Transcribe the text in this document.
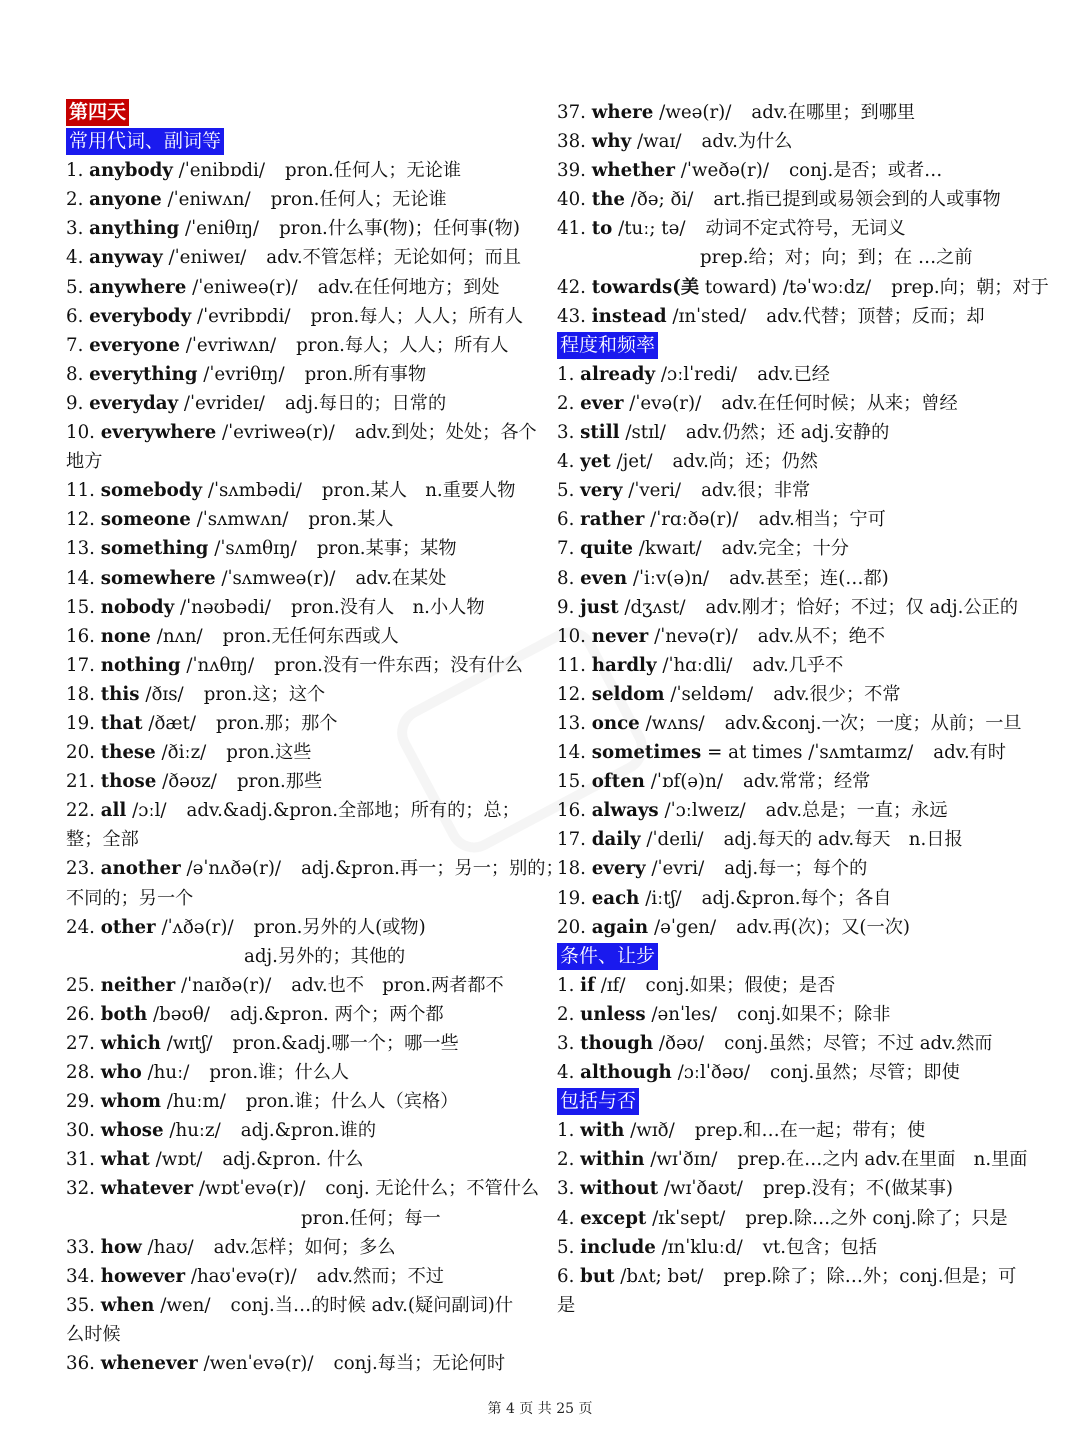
第四天
常用代词、副词等
1. anybody /ˈenibɒdi/ pron.任何人；无论谁
2. anyone /ˈeniwʌn/ pron.任何人；无论谁
3. anything /ˈeniθɪŋ/ pron.什么事(物)；任何事(物)
4. anyway /ˈeniweɪ/ adv.不管怎样；无论如何；而且
5. anywhere /ˈeniweə(r)/ adv.在任何地方；到处
6. everybody /ˈevribɒdi/ pron.每人；人人；所有人
7. everyone /ˈevriwʌn/ pron.每人；人人；所有人
8. everything /ˈevriθɪŋ/ pron.所有事物
9. everyday /ˈevrideɪ/ adj.每日的；日常的
10. everywhere /ˈevriweə(r)/ adv.到处；处处；各个
地方
11. somebody /ˈsʌmbədi/ pron.某人　n.重要人物
12. someone /ˈsʌmwʌn/ pron.某人
13. something /ˈsʌmθɪŋ/ pron.某事；某物
14. somewhere /ˈsʌmweə(r)/ adv.在某处
15. nobody /ˈnəʊbədi/ pron.没有人　n.小人物
16. none /nʌn/ pron.无任何东西或人
17. nothing /ˈnʌθɪŋ/ pron.没有一件东西；没有什么
18. this /ðɪs/ pron.这；这个
19. that /ðæt/ pron.那；那个
20. these /ðiːz/ pron.这些
21. those /ðəʊz/ pron.那些
22. all /ɔːl/ adv.&adj.&pron.全部地；所有的；总；
整；全部
23. another /əˈnʌðə(r)/ adj.&pron.再一；另一；别的；
不同的；另一个
24. other /ˈʌðə(r)/ pron.另外的人(或物)
adj.另外的；其他的
25. neither /ˈnaɪðə(r)/ adv.也不　pron.两者都不
26. both /bəʊθ/ adj.&pron. 两个；两个都
27. which /wɪtʃ/ pron.&adj.哪一个；哪一些
28. who /huː/ pron.谁；什么人
29. whom /huːm/ pron.谁；什么人（宾格）
30. whose /huːz/ adj.&pron.谁的
31. what /wɒt/ adj.&pron. 什么
32. whatever /wɒtˈevə(r)/ conj. 无论什么；不管什么
pron.任何；每一
33. how /haʊ/ adv.怎样；如何；多么
34. however /haʊˈevə(r)/ adv.然而；不过
35. when /wen/ conj.当…的时候 adv.(疑问副词)什
么时候
36. whenever /wenˈevə(r)/ conj.每当；无论何时
37. where /weə(r)/ adv.在哪里；到哪里
38. why /waɪ/ adv.为什么
39. whether /ˈweðə(r)/ conj.是否；或者…
40. the /ðə; ði/ art.指已提到或易领会到的人或事物
41. to /tuː; tə/ 动词不定式符号，无词义
prep.给；对；向；到；在 …之前
42. towards(美 toward) /təˈwɔːdz/ prep.向；朝；对于
43. instead /ɪnˈsted/ adv.代替；顶替；反而；却
程度和频率
1. already /ɔːlˈredi/ adv.已经
2. ever /ˈevə(r)/ adv.在任何时候；从来；曾经
3. still /stɪl/ adv.仍然；还 adj.安静的
4. yet /jet/ adv.尚；还；仍然
5. very /ˈveri/ adv.很；非常
6. rather /ˈrɑːðə(r)/ adv.相当；宁可
7. quite /kwaɪt/ adv.完全；十分
8. even /ˈiːv(ə)n/ adv.甚至；连(…都)
9. just /dʒʌst/ adv.刚才；恰好；不过；仅 adj.公正的
10. never /ˈnevə(r)/ adv.从不；绝不
11. hardly /ˈhɑːdli/ adv.几乎不
12. seldom /ˈseldəm/ adv.很少；不常
13. once /wʌns/ adv.&conj.一次；一度；从前；一旦
14. sometimes = at times /ˈsʌmtaɪmz/ adv.有时
15. often /ˈɒf(ə)n/ adv.常常；经常
16. always /ˈɔːlweɪz/ adv.总是；一直；永远
17. daily /ˈdeɪli/ adj.每天的 adv.每天　n.日报
18. every /ˈevri/ adj.每一；每个的
19. each /iːtʃ/ adj.&pron.每个；各自
20. again /əˈgen/ adv.再(次)；又(一次)
条件、让步
1. if /ɪf/ conj.如果；假使；是否
2. unless /ənˈles/ conj.如果不；除非
3. though /ðəʊ/ conj.虽然；尽管；不过 adv.然而
4. although /ɔːlˈðəʊ/ conj.虽然；尽管；即使
包括与否
1. with /wɪð/ prep.和…在一起；带有；使
2. within /wɪˈðɪn/ prep.在…之内 adv.在里面　n.里面
3. without /wɪˈðaʊt/ prep.没有；不(做某事)
4. except /ɪkˈsept/ prep.除…之外 conj.除了；只是
5. include /ɪnˈkluːd/ vt.包含；包括
6. but /bʌt; bət/ prep.除了；除…外；conj.但是；可
是
第 4 页 共 25 页
